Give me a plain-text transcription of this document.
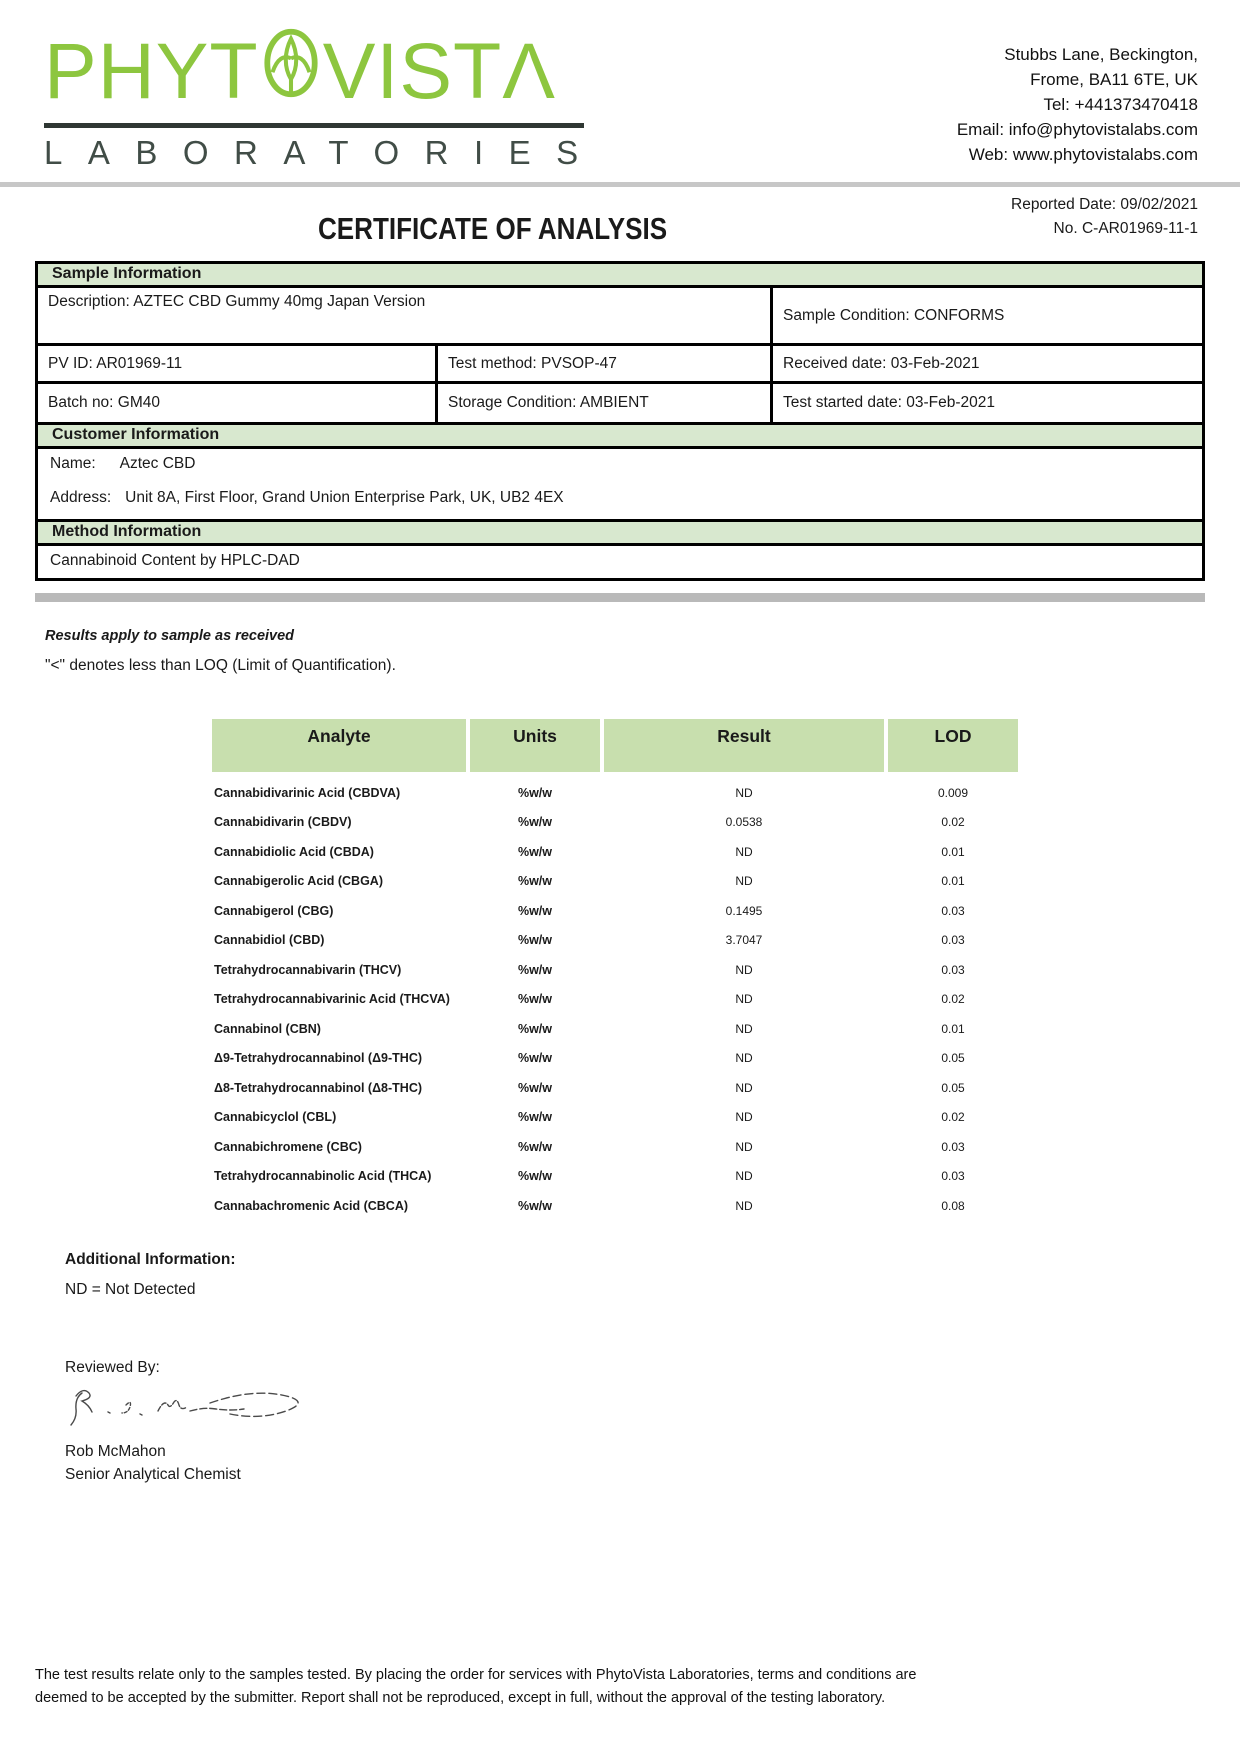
PHYT VISTΛ
LABORATORIES
Stubbs Lane, Beckington,
Frome, BA11 6TE, UK
Tel: +441373470418
Email: info@phytovistalabs.com
Web: www.phytovistalabs.com
Reported Date: 09/02/2021
No. C-AR01969-11-1
CERTIFICATE OF ANALYSIS
Sample Information
Description: AZTEC CBD Gummy 40mg Japan Version
Sample Condition: CONFORMS
PV ID: AR01969-11	Test method: PVSOP-47	Received date: 03-Feb-2021
Batch no: GM40	Storage Condition: AMBIENT	Test started date: 03-Feb-2021
Customer Information
Name: Aztec CBD
Address: Unit 8A, First Floor, Grand Union Enterprise Park, UK, UB2 4EX
Method Information
Cannabinoid Content by HPLC-DAD
Results apply to sample as received
"<" denotes less than LOQ (Limit of Quantification).
Analyte	Units	Result	LOD
Cannabidivarinic Acid (CBDVA)	%w/w	ND	0.009
Cannabidivarin (CBDV)	%w/w	0.0538	0.02
Cannabidiolic Acid (CBDA)	%w/w	ND	0.01
Cannabigerolic Acid (CBGA)	%w/w	ND	0.01
Cannabigerol (CBG)	%w/w	0.1495	0.03
Cannabidiol (CBD)	%w/w	3.7047	0.03
Tetrahydrocannabivarin (THCV)	%w/w	ND	0.03
Tetrahydrocannabivarinic Acid (THCVA)	%w/w	ND	0.02
Cannabinol (CBN)	%w/w	ND	0.01
Δ9-Tetrahydrocannabinol (Δ9-THC)	%w/w	ND	0.05
Δ8-Tetrahydrocannabinol (Δ8-THC)	%w/w	ND	0.05
Cannabicyclol (CBL)	%w/w	ND	0.02
Cannabichromene (CBC)	%w/w	ND	0.03
Tetrahydrocannabinolic Acid (THCA)	%w/w	ND	0.03
Cannabachromenic Acid (CBCA)	%w/w	ND	0.08
Additional Information:
ND = Not Detected
Reviewed By:
Rob McMahon
Senior Analytical Chemist
The test results relate only to the samples tested. By placing the order for services with PhytoVista Laboratories, terms and conditions are
deemed to be accepted by the submitter. Report shall not be reproduced, except in full, without the approval of the testing laboratory.
